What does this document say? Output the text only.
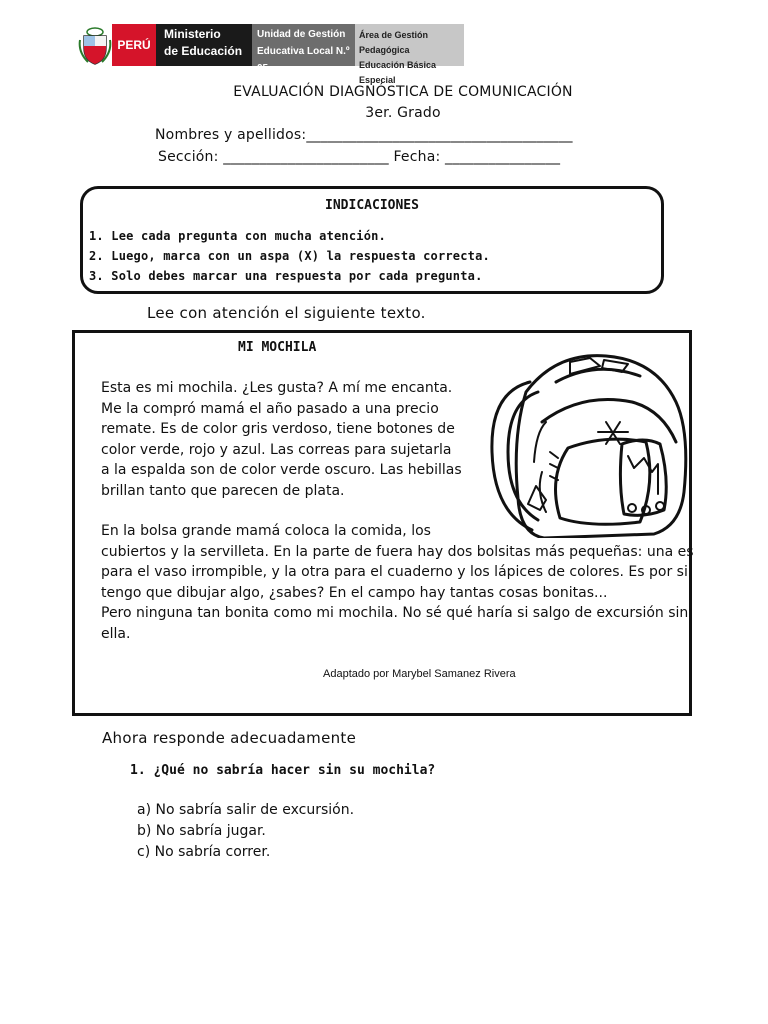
PERÚ
Ministerio
de Educación
Unidad de Gestión
Educativa Local N.º 05
Área de Gestión Pedagógica
Educación Básica Especial
EVALUACIÓN DIAGNÓSTICA DE COMUNICACIÓN
3er. Grado
Nombres y apellidos:_____________________________________
Sección: _______________________ Fecha: ________________
INDICACIONES
1. Lee cada pregunta con mucha atención.
2. Luego, marca con un aspa (X) la respuesta correcta.
3. Solo debes marcar una respuesta por cada pregunta.
Lee con atención el siguiente texto.
MI MOCHILA
Esta es mi mochila. ¿Les gusta? A mí me encanta.
Me la compró mamá el año pasado a una precio
remate. Es de color gris verdoso, tiene botones de
color verde, rojo y azul. Las correas para sujetarla
a la espalda son de color verde oscuro. Las hebillas
brillan tanto que parecen de plata.
En la bolsa grande mamá coloca la comida, los
cubiertos y la servilleta. En la parte de fuera hay dos bolsitas más pequeñas: una es
para el vaso irrompible, y la otra para el cuaderno y los lápices de colores. Es por si
tengo que dibujar algo, ¿sabes? En el campo hay tantas cosas bonitas...
Pero ninguna tan bonita como mi mochila. No sé qué haría si salgo de excursión sin
ella.
Adaptado por Marybel Samanez Rivera
Ahora responde adecuadamente
1. ¿Qué no sabría hacer sin su mochila?
a) No sabría salir de excursión.
b) No sabría jugar.
c) No sabría correr.
